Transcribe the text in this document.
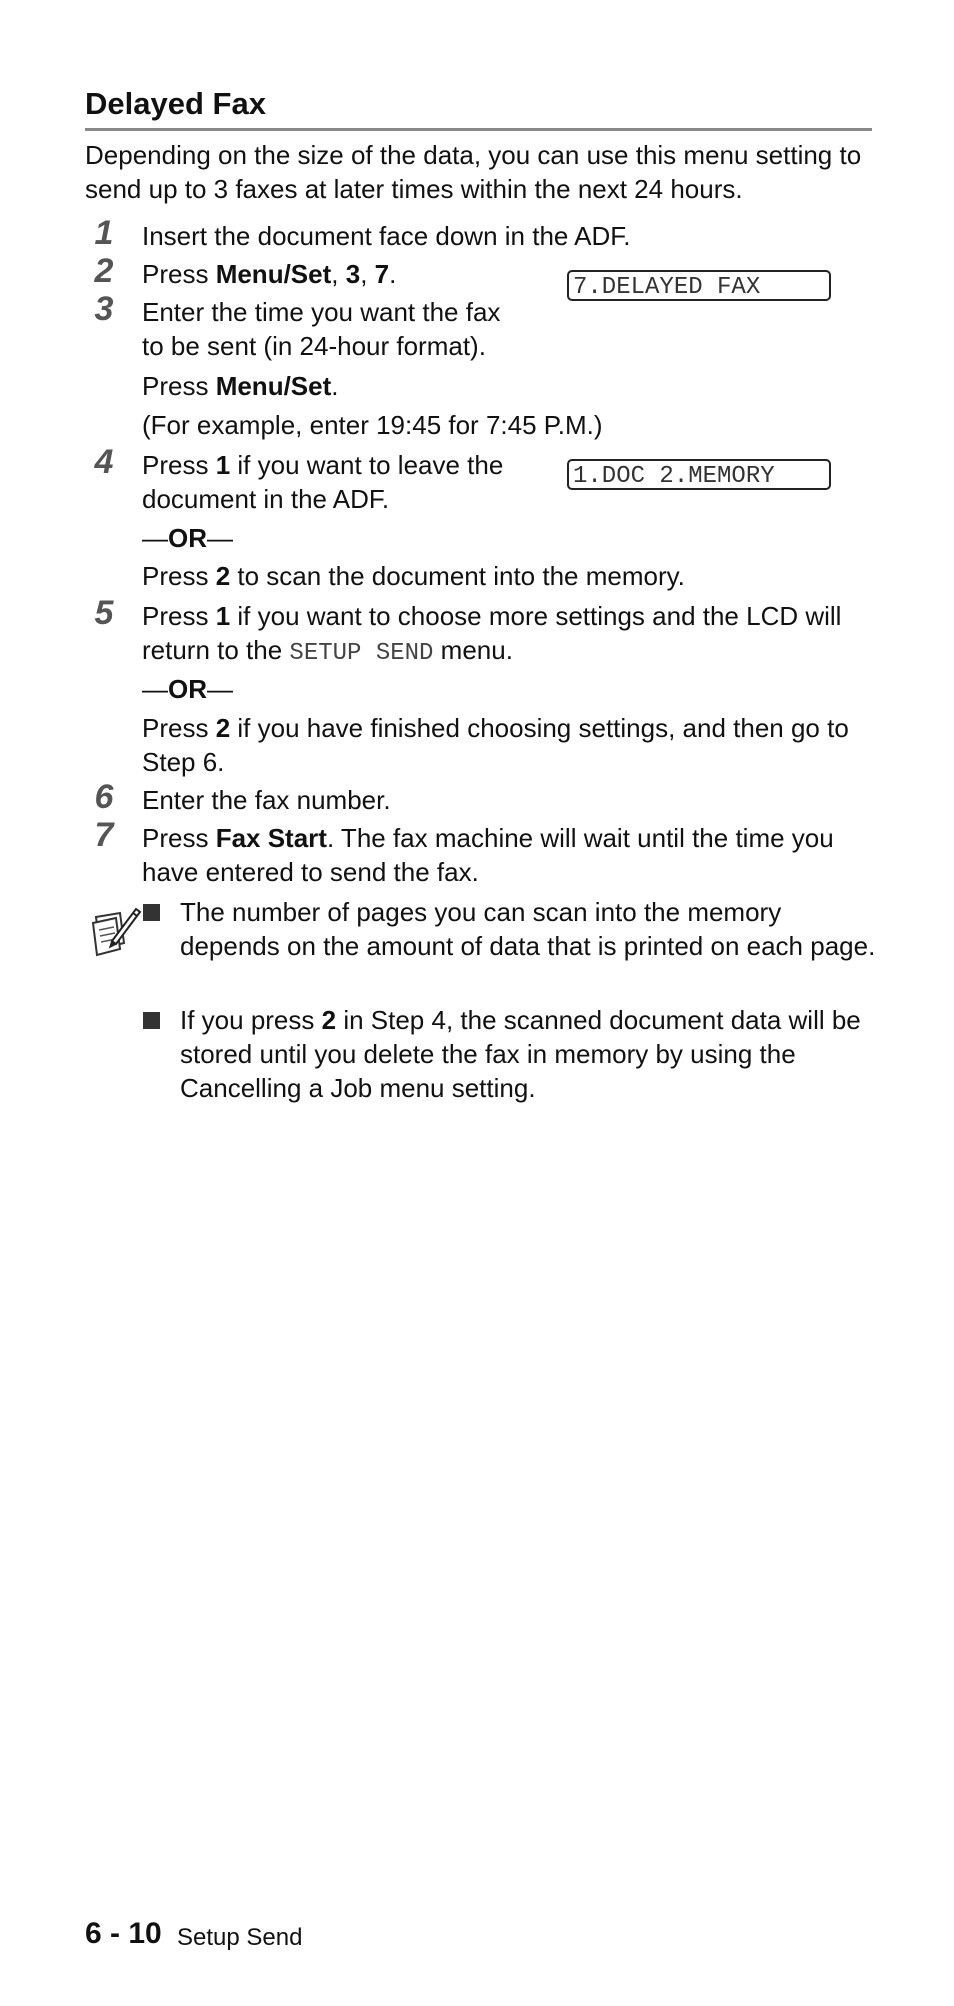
Delayed Fax
Depending on the size of the data, you can use this menu setting to send up to 3 faxes at later times within the next 24 hours.
1 Insert the document face down in the ADF.
2 Press Menu/Set, 3, 7.	7.DELAYED FAX
3 Enter the time you want the fax
to be sent (in 24-hour format).
Press Menu/Set.
(For example, enter 19:45 for 7:45 P.M.)
4 Press 1 if you want to leave the
document in the ADF.
1.DOC 2.MEMORY
—OR—
Press 2 to scan the document into the memory.
5 Press 1 if you want to choose more settings and the LCD will
return to the SETUP SEND menu.
—OR—
Press 2 if you have finished choosing settings, and then go to
Step 6.
6 Enter the fax number.
7 Press Fax Start. The fax machine will wait until the time you
have entered to send the fax.
The number of pages you can scan into the memory depends on the amount of data that is printed on each page.
If you press 2 in Step 4, the scanned document data will be stored until you delete the fax in memory by using the Cancelling a Job menu setting.
6 - 10 Setup Send
